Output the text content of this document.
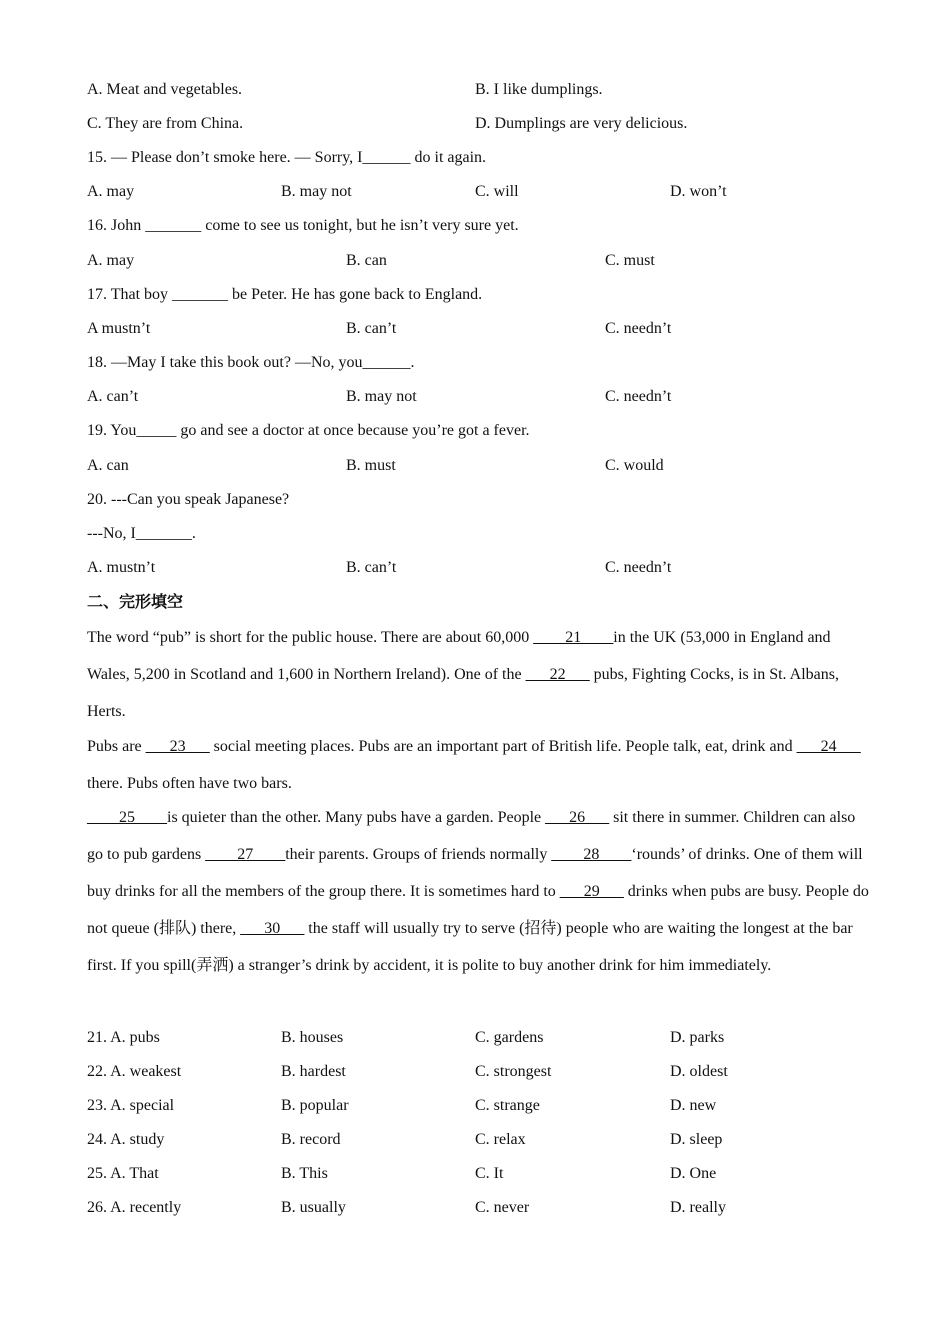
A. Meat and vegetables.	B. I like dumplings.
C. They are from China.	D. Dumplings are very delicious.
15. — Please don’t smoke here. — Sorry, I______ do it again.
A. may	B. may not	C. will	D. won’t
16. John _______ come to see us tonight, but he isn’t very sure yet.
A. may	B. can	C. must
17. That boy _______ be Peter. He has gone back to England.
A mustn’t	B. can’t	C. needn’t
18. —May I take this book out? —No, you______.
A. can’t	B. may not	C. needn’t
19. You_____ go and see a doctor at once because you’re got a fever.
A. can	B. must	C. would
20. ---Can you speak Japanese?
---No, I_______.
A. mustn’t	B. can’t	C. needn’t
二、完形填空
The word “pub” is short for the public house. There are about 60,000 ____21____in the UK (53,000 in England and Wales, 5,200 in Scotland and 1,600 in Northern Ireland). One of the ___22___ pubs, Fighting Cocks, is in St. Albans, Herts.
Pubs are ___23___ social meeting places. Pubs are an important part of British life. People talk, eat, drink and ___24___ there. Pubs often have two bars.
____25____is quieter than the other. Many pubs have a garden. People ___26___ sit there in summer. Children can also go to pub gardens ____27____their parents. Groups of friends normally ____28____‘rounds’ of drinks. One of them will buy drinks for all the members of the group there. It is sometimes hard to ___29___ drinks when pubs are busy. People do not queue (排队) there, ___30___ the staff will usually try to serve (招待) people who are waiting the longest at the bar first. If you spill(弄洒) a stranger’s drink by accident, it is polite to buy another drink for him immediately.
21. A. pubs	B. houses	C. gardens	D. parks
22. A. weakest	B. hardest	C. strongest	D. oldest
23. A. special	B. popular	C. strange	D. new
24. A. study	B. record	C. relax	D. sleep
25. A. That	B. This	C. It	D. One
26. A. recently	B. usually	C. never	D. really
